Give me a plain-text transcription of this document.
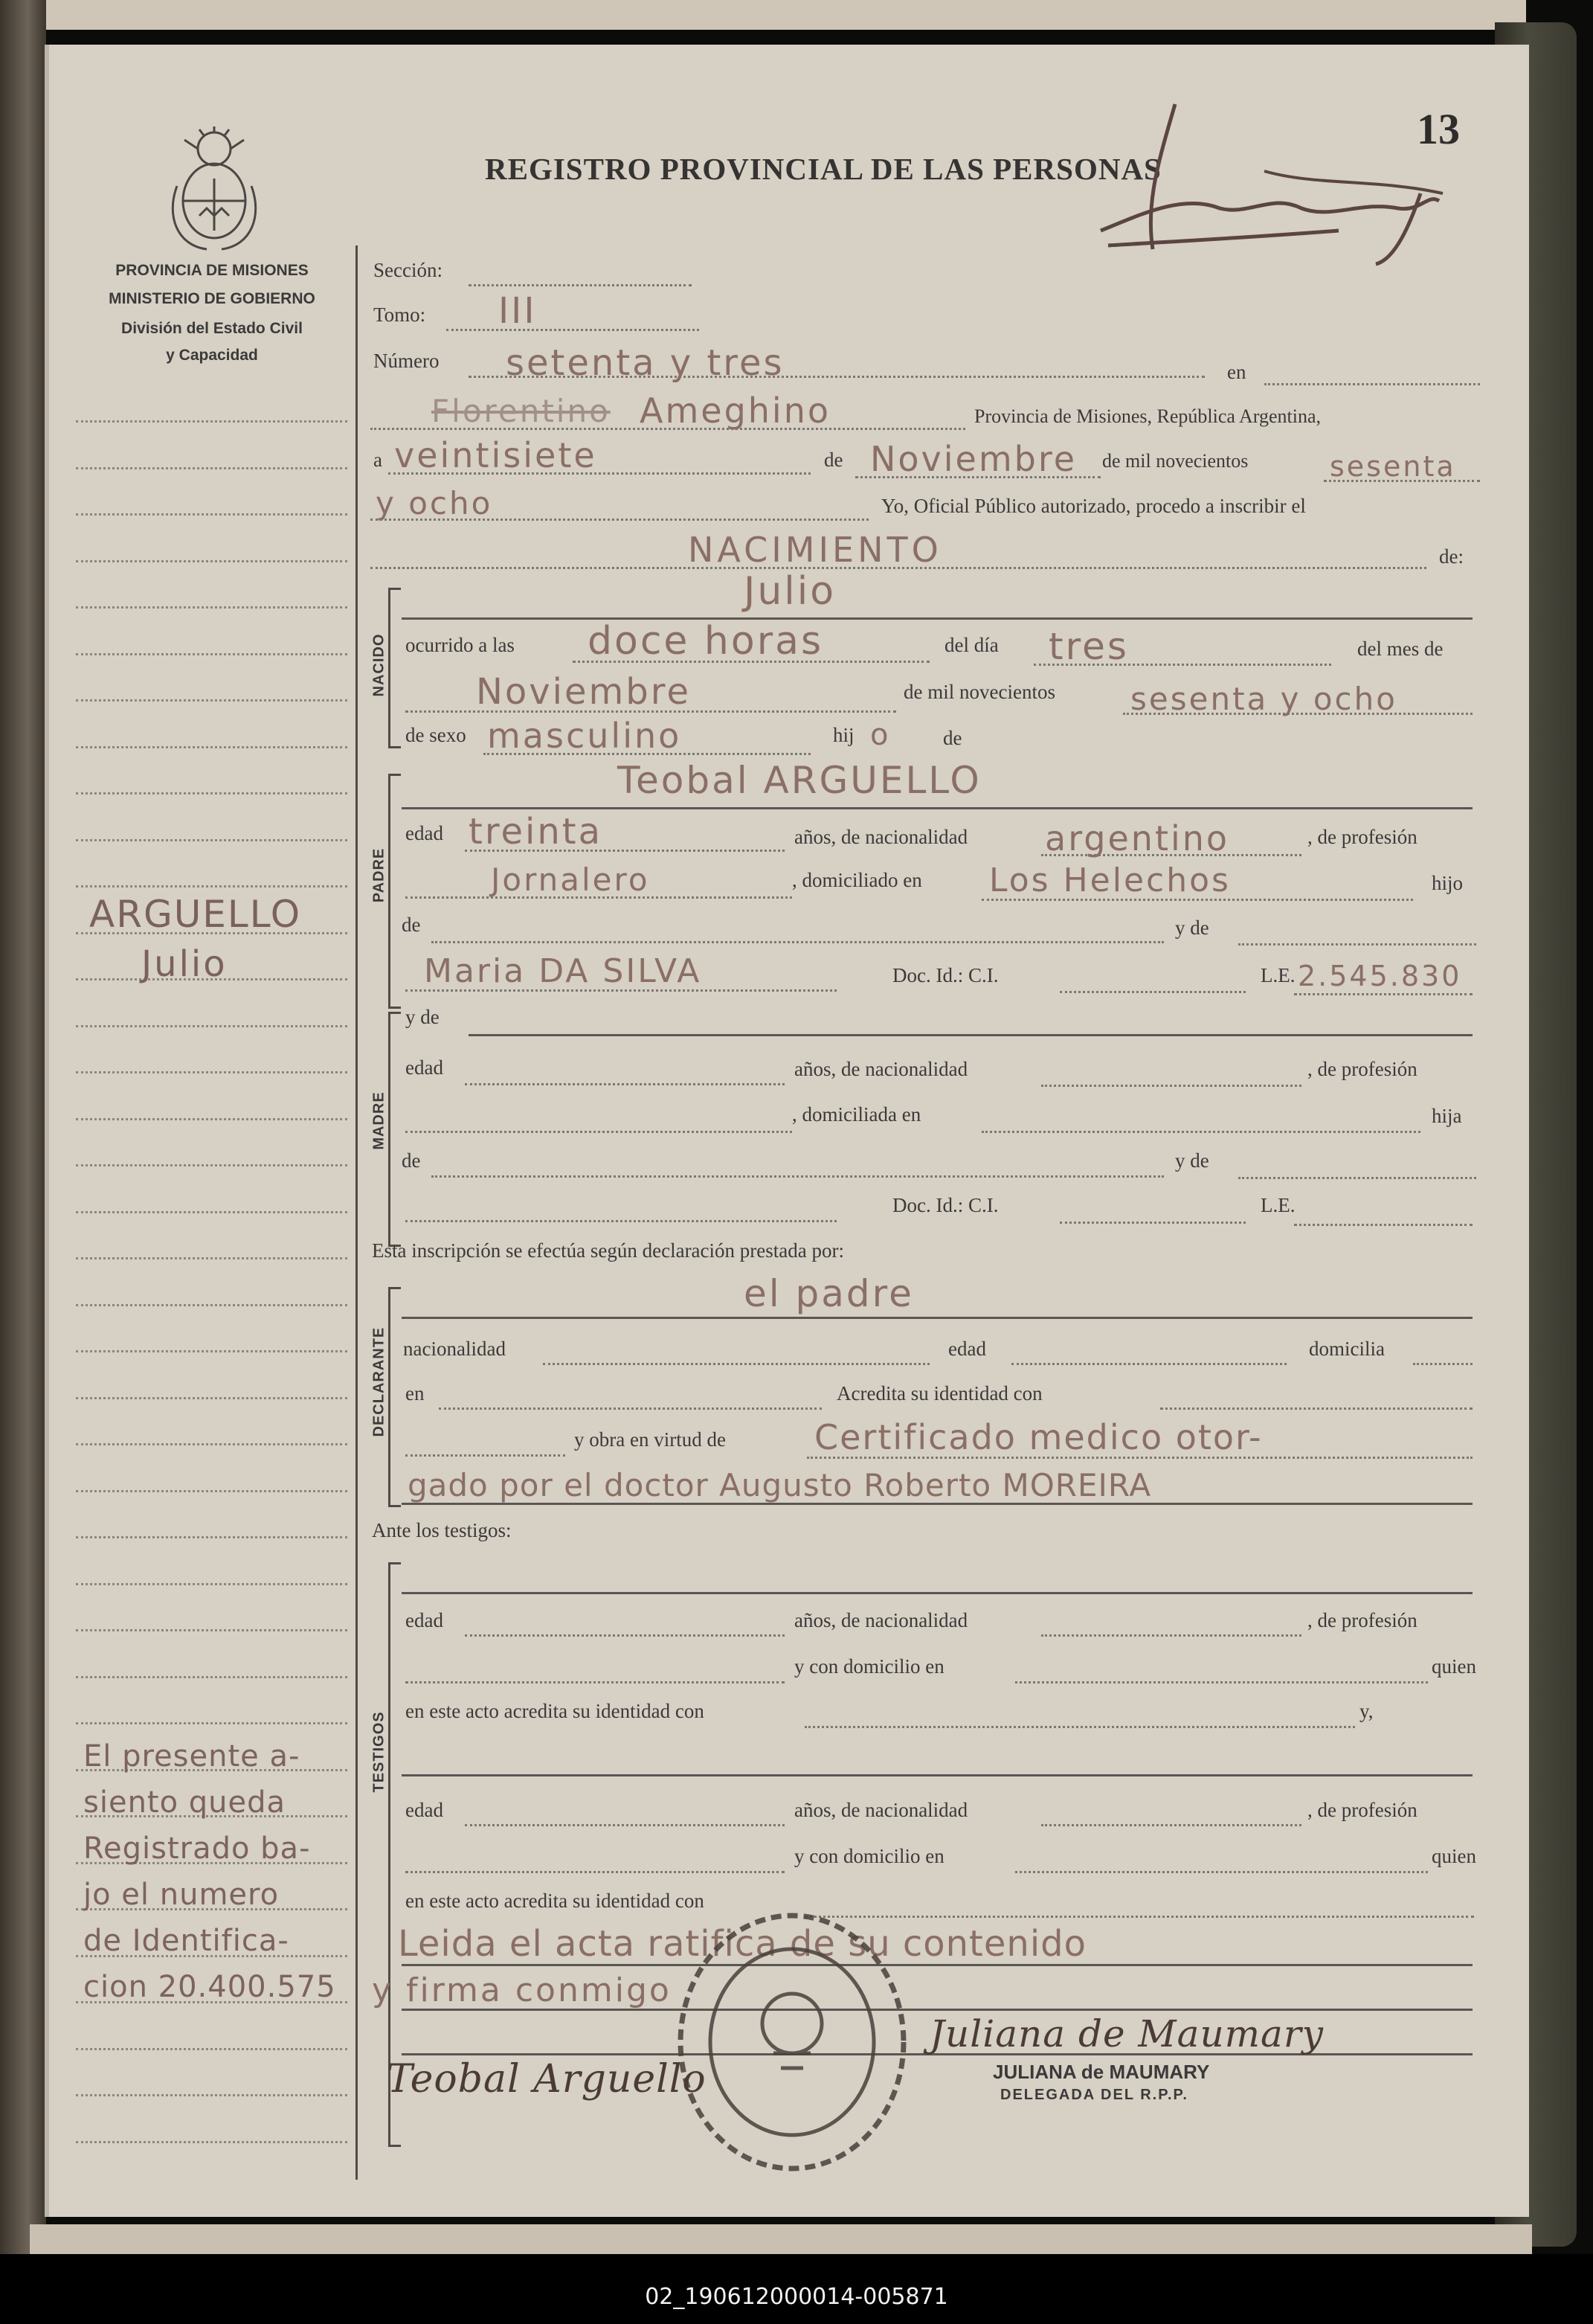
13
REGISTRO PROVINCIAL DE LAS PERSONAS
PROVINCIA DE MISIONES
MINISTERIO DE GOBIERNO
División del Estado Civil
y Capacidad
ARGUELLO
Julio
El presente a-
siento queda
Registrado ba-
jo el numero
de Identifica-
cion 20.400.575
Sección:
Tomo: III
Número setenta y tres	en
Florentino Ameghino	Provincia de Misiones, República Argentina,
a veintisiete	de Noviembre de mil novecientos	sesenta
y ocho	Yo, Oficial Público autorizado, procedo a inscribir el
NACIMIENTO	de:
Julio
NACIDO ocurrido a las doce horas	del día tres	del mes de
Noviembre	de mil novecientos sesenta y ocho
de sexo masculino	hij o	de
Teobal ARGUELLO
PADRE
edad treinta	años, de nacionalidad argentino	, de profesión
Jornalero	, domiciliado en Los Helechos	hijo
de	y de
Maria DA SILVA	Doc. Id.: C.I.	L.E. 2.545.830
y de
MADRE
edad	años, de nacionalidad	, de profesión
, domiciliada en	hija
de	y de
Doc. Id.: C.I.	L.E.
Esta inscripción se efectúa según declaración prestada por:
el padre
DECLARANTE nacionalidad	edad	domicilia
en	Acredita su identidad con
y obra en virtud de	Certificado medico otor-
gado por el doctor Augusto Roberto MOREIRA
Ante los testigos:
TESTIGOS
edad	años, de nacionalidad	, de profesión
y con domicilio en	quien
en este acto acredita su identidad con	y,
edad	años, de nacionalidad	, de profesión
y con domicilio en	quien
en este acto acredita su identidad con
Leida el acta ratifica de su contenido
y firma conmigo
Teobal Arguello
Juliana de Maumary
JULIANA de MAUMARY
DELEGADA DEL R.P.P.
02_190612000014-005871
